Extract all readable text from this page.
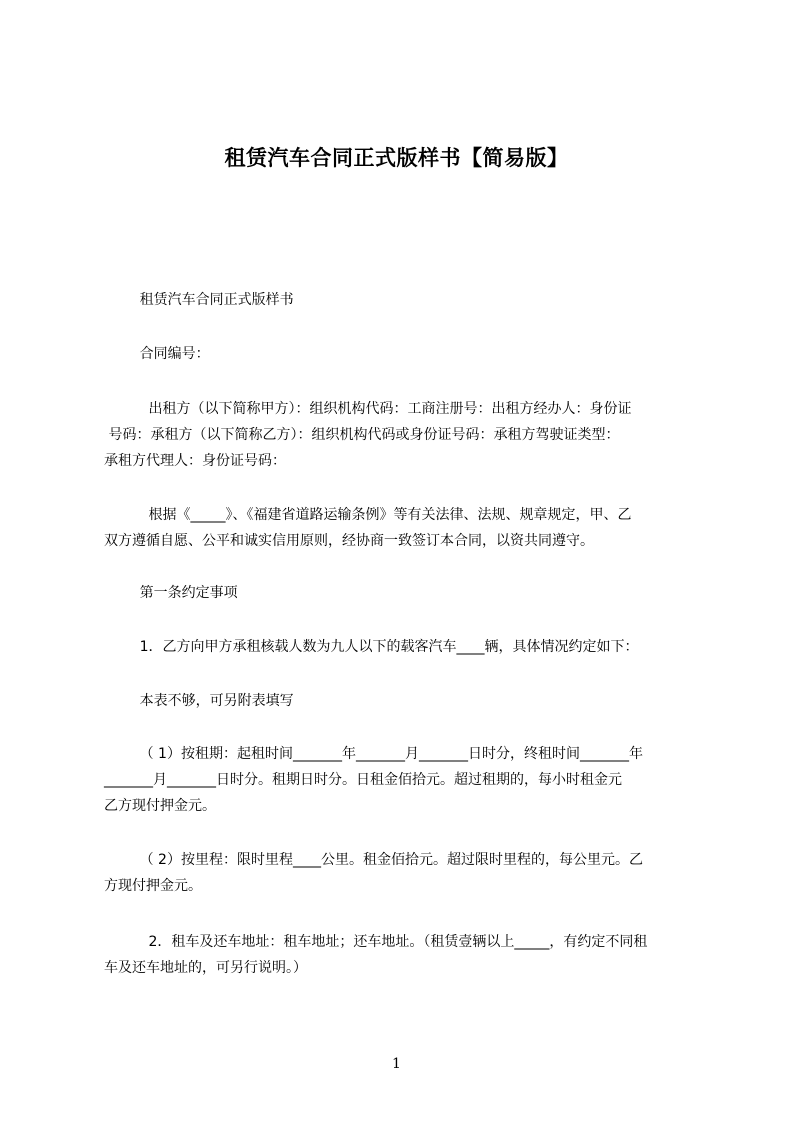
租赁汽车合同正式版样书【简易版】

租赁汽车合同正式版样书

合同编号：

出租方（以下简称甲方）：组织机构代码：工商注册号：出租方经办人：身份证
号码：承租方（以下简称乙方）：组织机构代码或身份证号码：承租方驾驶证类型：
承租方代理人：身份证号码：

根据《_____》、《福建省道路运输条例》等有关法律、法规、规章规定，甲、乙
双方遵循自愿、公平和诚实信用原则，经协商一致签订本合同，以资共同遵守。

第一条约定事项

1．乙方向甲方承租核载人数为九人以下的载客汽车____辆，具体情况约定如下：

本表不够，可另附表填写

（ 1）按租期：起租时间_______年_______月_______日时分，终租时间_______年
_______月_______日时分。租期日时分。日租金佰拾元。超过租期的，每小时租金元
乙方现付押金元。

（ 2）按里程：限时里程____公里。租金佰拾元。超过限时里程的，每公里元。乙
方现付押金元。

2．租车及还车地址：租车地址；还车地址。（租赁壹辆以上_____，有约定不同租
车及还车地址的，可另行说明。）

1
